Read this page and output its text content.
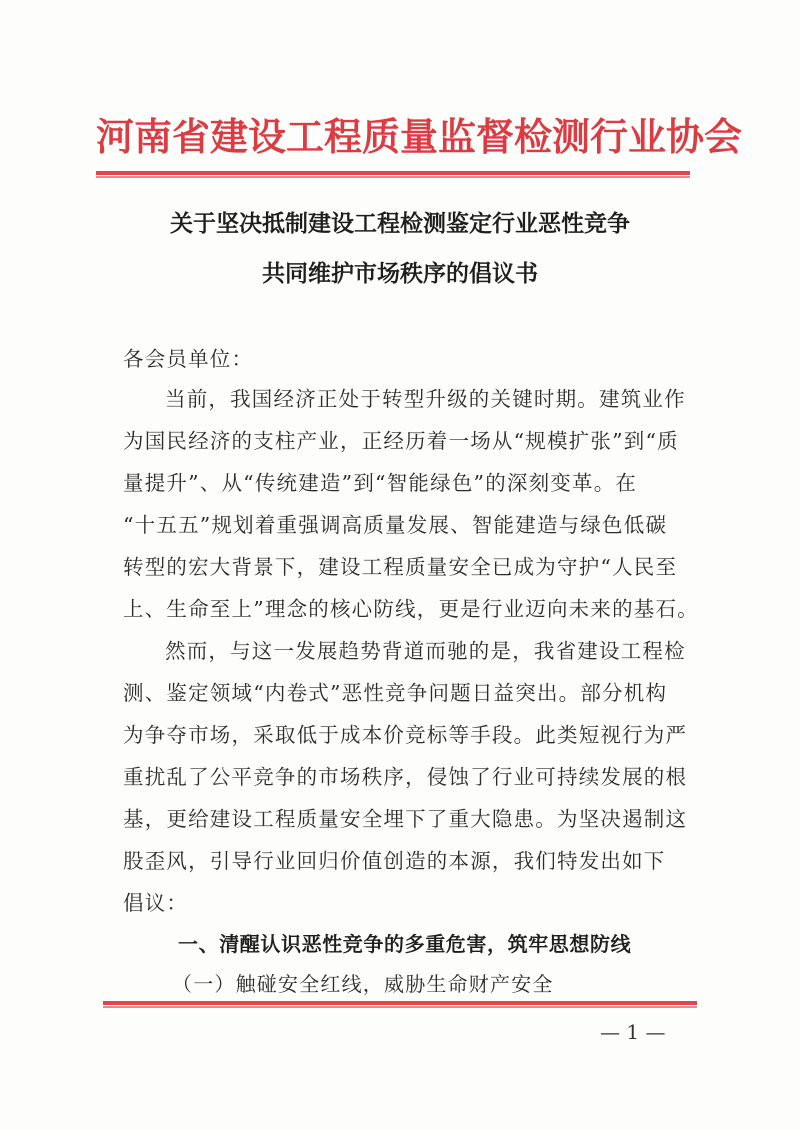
河南省建设工程质量监督检测行业协会
关于坚决抵制建设工程检测鉴定行业恶性竞争
共同维护市场秩序的倡议书
各会员单位：
当前，我国经济正处于转型升级的关键时期。建筑业作
为国民经济的支柱产业，正经历着一场从“规模扩张”到“质
量提升”、从“传统建造”到“智能绿色”的深刻变革。在
“十五五”规划着重强调高质量发展、智能建造与绿色低碳
转型的宏大背景下，建设工程质量安全已成为守护“人民至
上、生命至上”理念的核心防线，更是行业迈向未来的基石。
然而，与这一发展趋势背道而驰的是，我省建设工程检
测、鉴定领域“内卷式”恶性竞争问题日益突出。部分机构
为争夺市场，采取低于成本价竞标等手段。此类短视行为严
重扰乱了公平竞争的市场秩序，侵蚀了行业可持续发展的根
基，更给建设工程质量安全埋下了重大隐患。为坚决遏制这
股歪风，引导行业回归价值创造的本源，我们特发出如下
倡议：
一、清醒认识恶性竞争的多重危害，筑牢思想防线
（一）触碰安全红线，威胁生命财产安全
— 1 —
